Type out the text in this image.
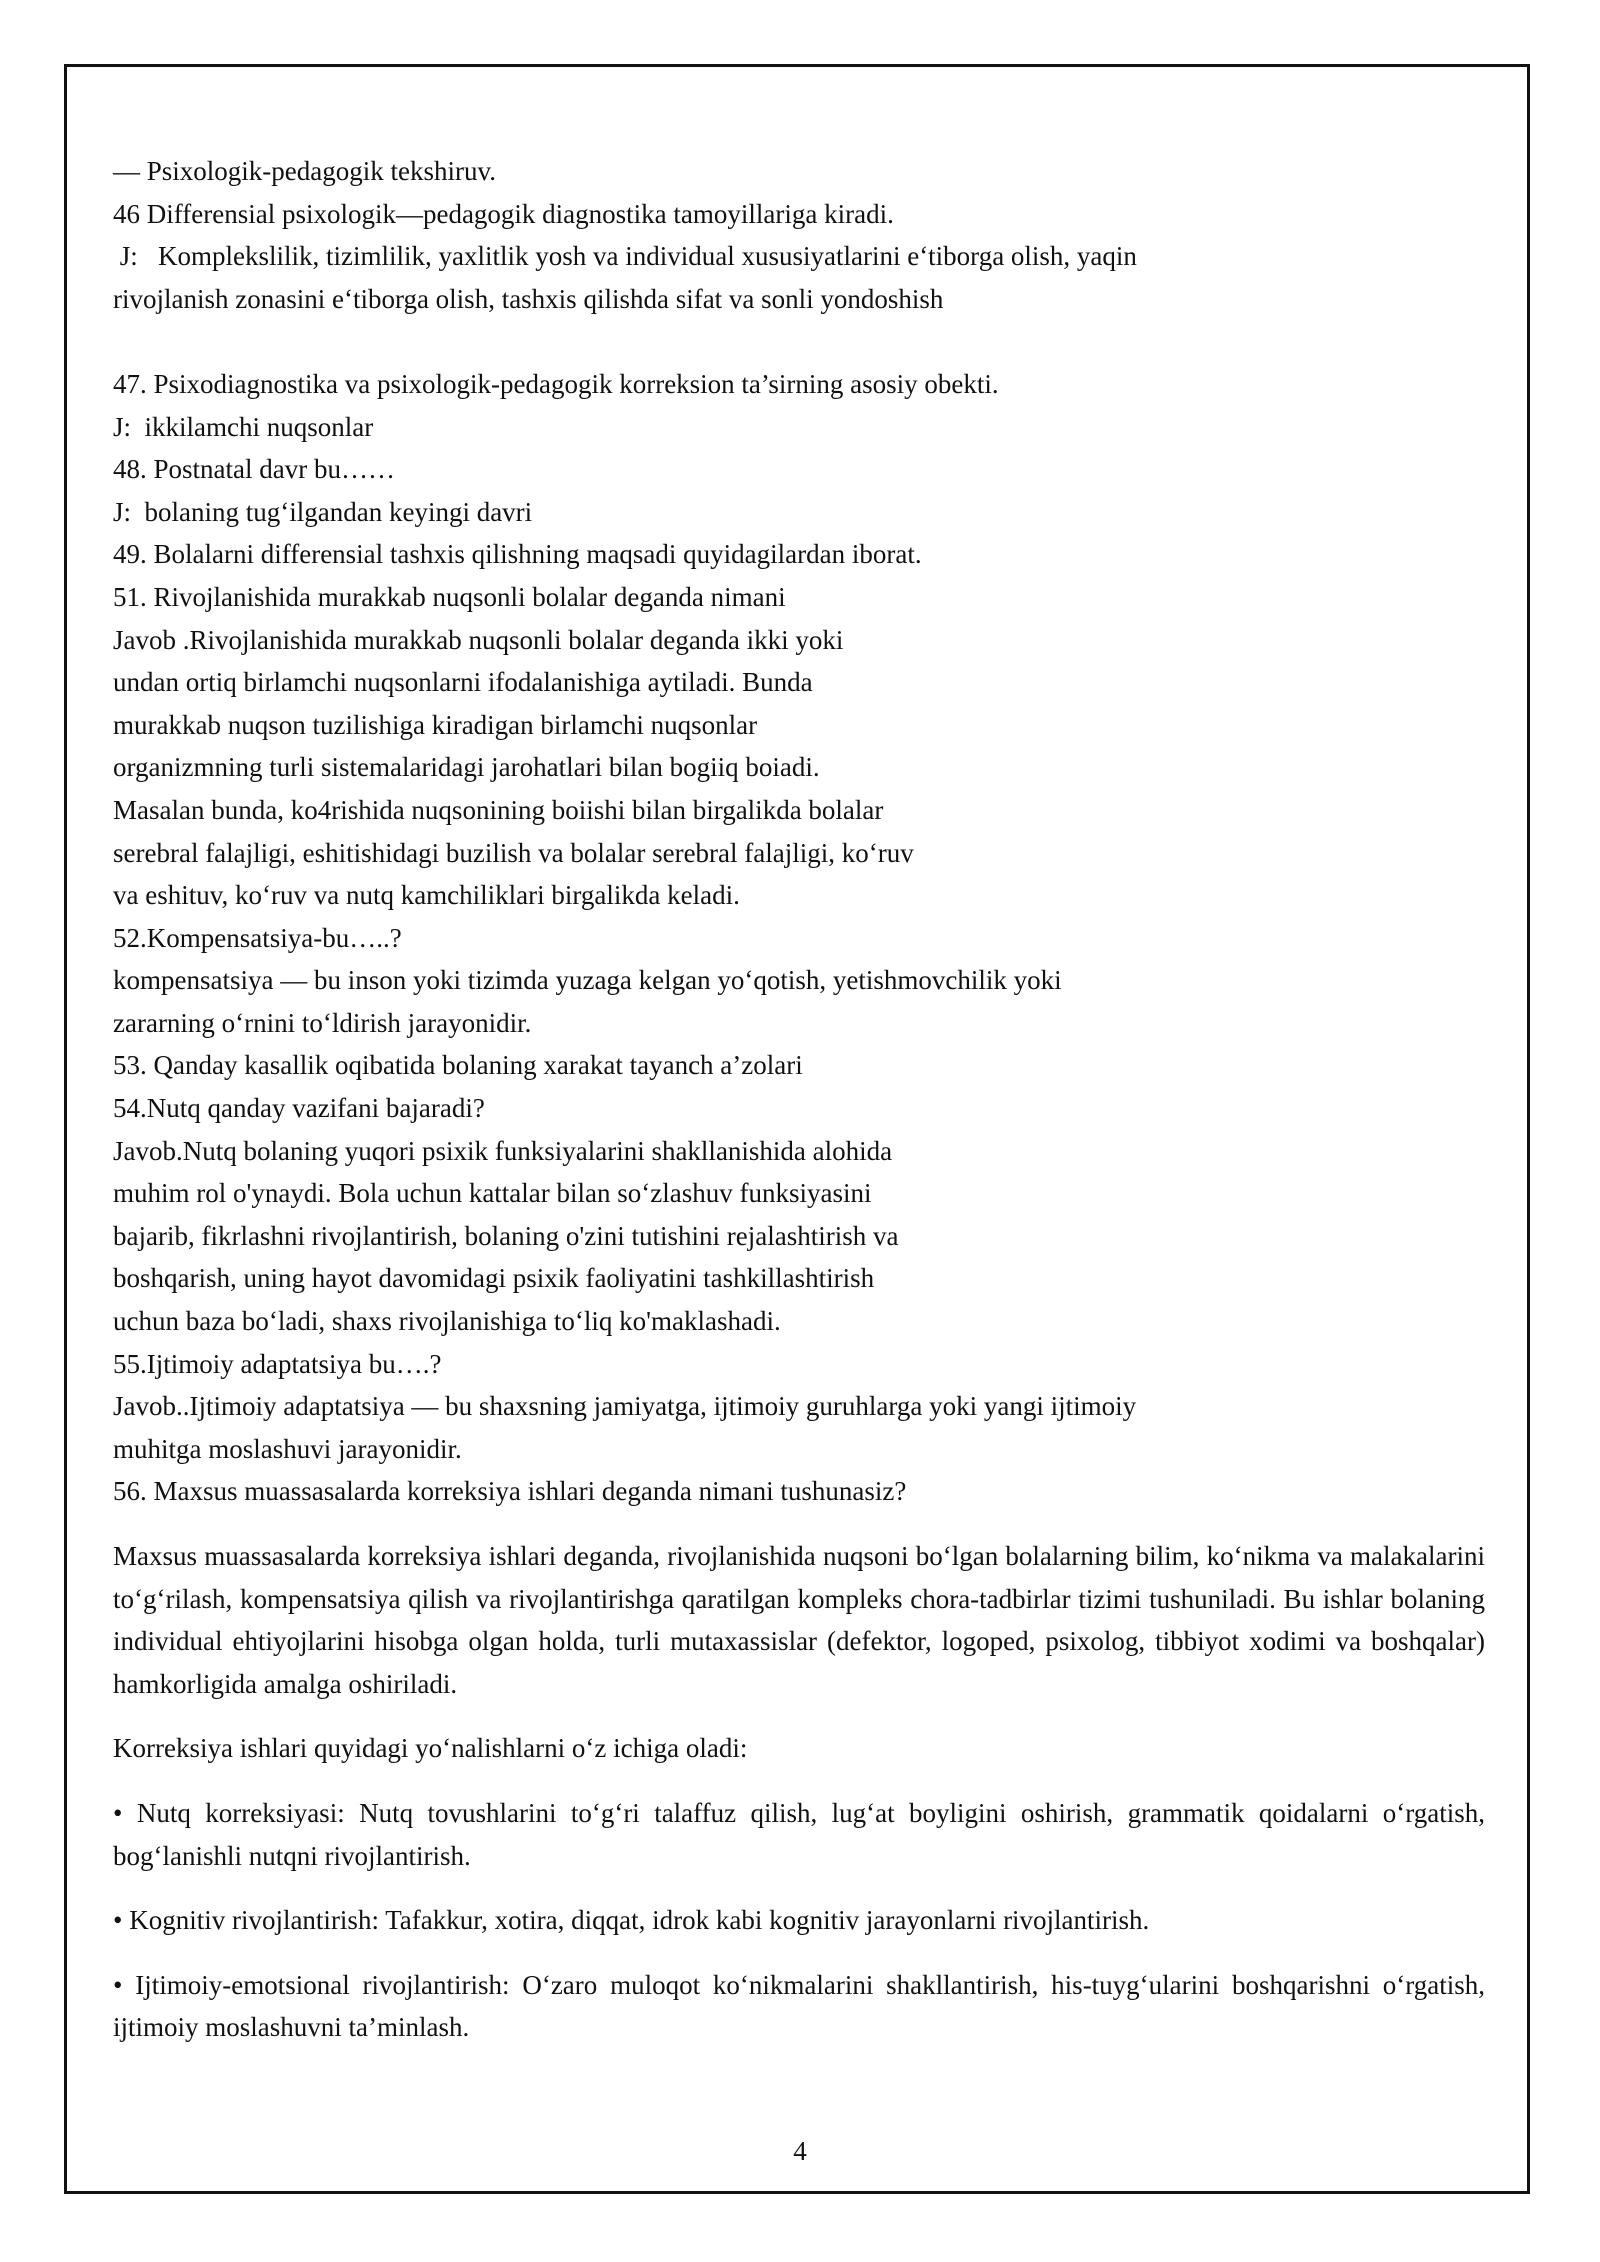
— Psixologik-pedagogik tekshiruv.
46 Differensial psixologik—pedagogik diagnostika tamoyillariga kiradi.
J:   Komplekslilik, tizimlilik, yaxlitlik yosh va individual xususiyatlarini e‘tiborga olish, yaqin
rivojlanish zonasini e‘tiborga olish, tashxis qilishda sifat va sonli yondoshish
47. Psixodiagnostika va psixologik-pedagogik korreksion ta’sirning asosiy obekti.
J:  ikkilamchi nuqsonlar
48. Postnatal davr bu……
J:  bolaning tug‘ilgandan keyingi davri
49. Bolalarni differensial tashxis qilishning maqsadi quyidagilardan iborat.
51. Rivojlanishida murakkab nuqsonli bolalar deganda nimani
Javob .Rivojlanishida murakkab nuqsonli bolalar deganda ikki yoki
undan ortiq birlamchi nuqsonlarni ifodalanishiga aytiladi. Bunda
murakkab nuqson tuzilishiga kiradigan birlamchi nuqsonlar
organizmning turli sistemalaridagi jarohatlari bilan bogiiq boiadi.
Masalan bunda, ko4rishida nuqsonining boiishi bilan birgalikda bolalar
serebral falajligi, eshitishidagi buzilish va bolalar serebral falajligi, ko‘ruv
va eshituv, ko‘ruv va nutq kamchiliklari birgalikda keladi.
52.Kompensatsiya-bu…..?
kompensatsiya — bu inson yoki tizimda yuzaga kelgan yo‘qotish, yetishmovchilik yoki
zararning o‘rnini to‘ldirish jarayonidir.
53. Qanday kasallik oqibatida bolaning xarakat tayanch a’zolari
54.Nutq qanday vazifani bajaradi?
Javob.Nutq bolaning yuqori psixik funksiyalarini shakllanishida alohida
muhim rol o'ynaydi. Bola uchun kattalar bilan so‘zlashuv funksiyasini
bajarib, fikrlashni rivojlantirish, bolaning o'zini tutishini rejalashtirish va
boshqarish, uning hayot davomidagi psixik faoliyatini tashkillashtirish
uchun baza bo‘ladi, shaxs rivojlanishiga to‘liq ko'maklashadi.
55.Ijtimoiy adaptatsiya bu….?
Javob..Ijtimoiy adaptatsiya — bu shaxsning jamiyatga, ijtimoiy guruhlarga yoki yangi ijtimoiy
muhitga moslashuvi jarayonidir.
56. Maxsus muassasalarda korreksiya ishlari deganda nimani tushunasiz?

Maxsus muassasalarda korreksiya ishlari deganda, rivojlanishida nuqsoni bo‘lgan bolalarning bilim, ko‘nikma va malakalarini to‘g‘rilash, kompensatsiya qilish va rivojlantirishga qaratilgan kompleks chora-tadbirlar tizimi tushuniladi. Bu ishlar bolaning individual ehtiyojlarini hisobga olgan holda, turli mutaxassislar (defektor, logoped, psixolog, tibbiyot xodimi va boshqalar) hamkorligida amalga oshiriladi.

Korreksiya ishlari quyidagi yo‘nalishlarni o‘z ichiga oladi:

• Nutq korreksiyasi: Nutq tovushlarini to‘g‘ri talaffuz qilish, lug‘at boyligini oshirish, grammatik qoidalarni o‘rgatish, bog‘lanishli nutqni rivojlantirish.

• Kognitiv rivojlantirish: Tafakkur, xotira, diqqat, idrok kabi kognitiv jarayonlarni rivojlantirish.

• Ijtimoiy-emotsional rivojlantirish: O‘zaro muloqot ko‘nikmalarini shakllantirish, his-tuyg‘ularini boshqarishni o‘rgatish, ijtimoiy moslashuvni ta’minlash.

4
